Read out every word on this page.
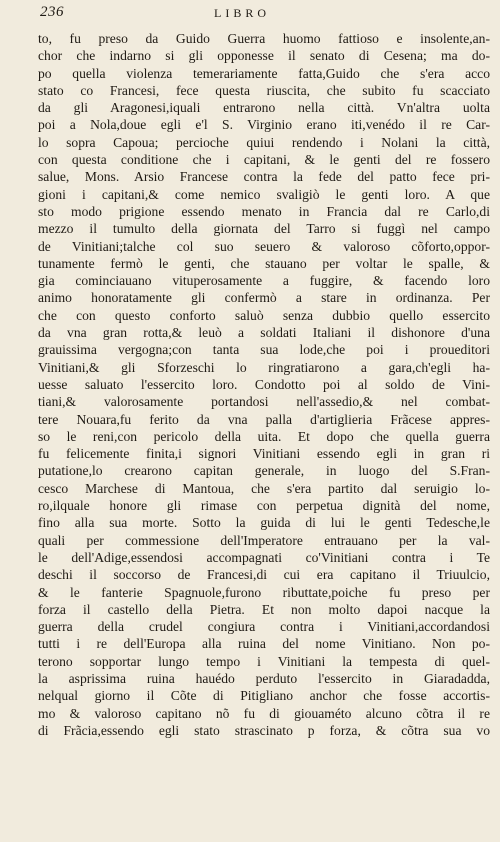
236	LIBRO
to, fu preso da Guido Guerra huomo fattioso e insolente,an-
chor che indarno si gli opponesse il senato di Cesena; ma do-
po quella violenza temerariamente fatta,Guido che s'era acco
stato co Francesi, fece questa riuscita, che subito fu scacciato
da gli Aragonesi,iquali entrarono nella città. Vn'altra uolta
poi a Nola,doue egli e'l S. Virginio erano iti,venédo il re Car-
lo sopra Capoua; percioche quiui rendendo i Nolani la città,
con questa conditione che i capitani, & le genti del re fossero
salue, Mons. Arsio Francese contra la fede del patto fece pri-
gioni i capitani,& come nemico svaligiò le genti loro. A que
sto modo prigione essendo menato in Francia dal re Carlo,di
mezzo il tumulto della giornata del Tarro si fuggì nel campo
de Vinitiani;talche col suo seuero & valoroso cõforto,oppor-
tunamente fermò le genti, che stauano per voltar le spalle, &
gia cominciauano vituperosamente a fuggire, & facendo loro
animo honoratamente gli confermò a stare in ordinanza. Per
che con questo conforto saluò senza dubbio quello essercito
da vna gran rotta,& leuò a soldati Italiani il dishonore d'una
grauissima vergogna;con tanta sua lode,che poi i proueditori
Vinitiani,& gli Sforzeschi lo ringratiarono a gara,ch'egli ha-
uesse saluato l'essercito loro. Condotto poi al soldo de Vini-
tiani,& valorosamente portandosi nell'assedio,& nel combat-
tere Nouara,fu ferito da vna palla d'artiglieria Frãcese appres-
so le reni,con pericolo della uita. Et dopo che quella guerra
fu felicemente finita,i signori Vinitiani essendo egli in gran ri
putatione,lo crearono capitan generale, in luogo del S.Fran-
cesco Marchese di Mantoua, che s'era partito dal seruigio lo-
ro,ilquale honore gli rimase con perpetua dignità del nome,
fino alla sua morte. Sotto la guida di lui le genti Tedesche,le
quali per commessione dell'Imperatore entrauano per la val-
le dell'Adige,essendosi accompagnati co'Vinitiani contra i Te
deschi il soccorso de Francesi,di cui era capitano il Triuulcio,
& le fanterie Spagnuole,furono ributtate,poiche fu preso per
forza il castello della Pietra. Et non molto dapoi nacque la
guerra della crudel congiura contra i Vinitiani,accordandosi
tutti i re dell'Europa alla ruina del nome Vinitiano. Non po-
terono sopportar lungo tempo i Vinitiani la tempesta di quel-
la asprissima ruina hauédo perduto l'essercito in Giaradadda,
nelqual giorno il Cõte di Pitigliano anchor che fosse accortis-
mo & valoroso capitano nõ fu di giouaméto alcuno cõtra il re
di Frãcia,essendo egli stato strascinato p forza, & cõtra sua vo
